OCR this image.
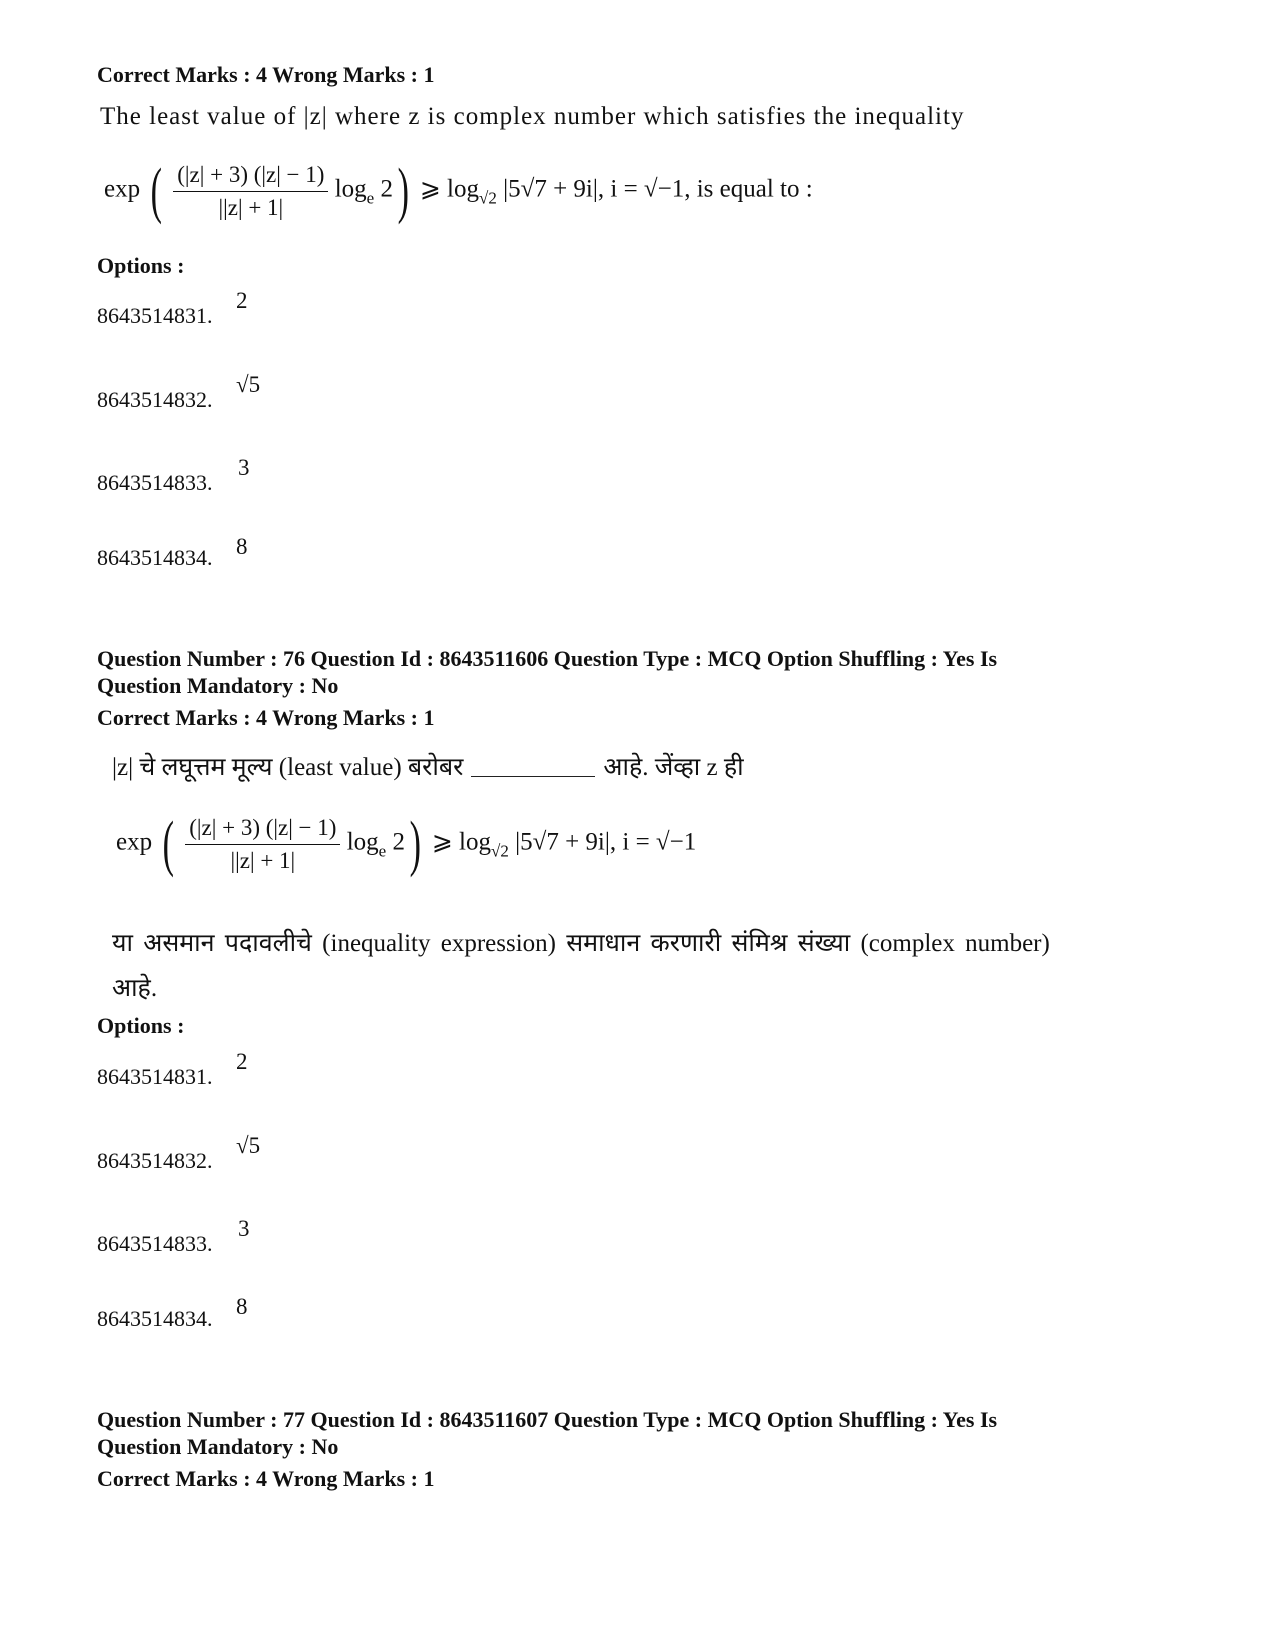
Correct Marks : 4 Wrong Marks : 1
The least value of |z| where z is complex number which satisfies the inequality
exp ( $\frac{(|z| + 3) (|z| - 1)}{||z| + 1|} \log_e 2$) ⩾ $\log_{√2} |5√7 + 9i|$, i = √−1, is equal to :
Options :
8643514831.
2
8643514832.
√5
8643514833.
3
8643514834. 8
Question Number : 76 Question Id : 8643511606 Question Type : MCQ Option Shuffling : Yes Is
Question Mandatory : No
Correct Marks : 4 Wrong Marks : 1
|z| चे लघूत्तम मूल्य (least value) बरोबर	आहे. जेंव्हा z ही
exp ( $\frac{(|z| + 3) (|z| - 1)}{||z| + 1|} \log_e 2$) ⩾ $\log_{√2} |5√7 + 9i|$, i = √−1
या असमान पदावलीचे (inequality expression) समाधान करणारी संमिश्र संख्या (complex number)
आहे.
Options :
8643514831.
2
8643514832.
√5
8643514833.
3
8643514834. 8
Question Number : 77 Question Id : 8643511607 Question Type : MCQ Option Shuffling : Yes Is
Question Mandatory : No
Correct Marks : 4 Wrong Marks : 1
